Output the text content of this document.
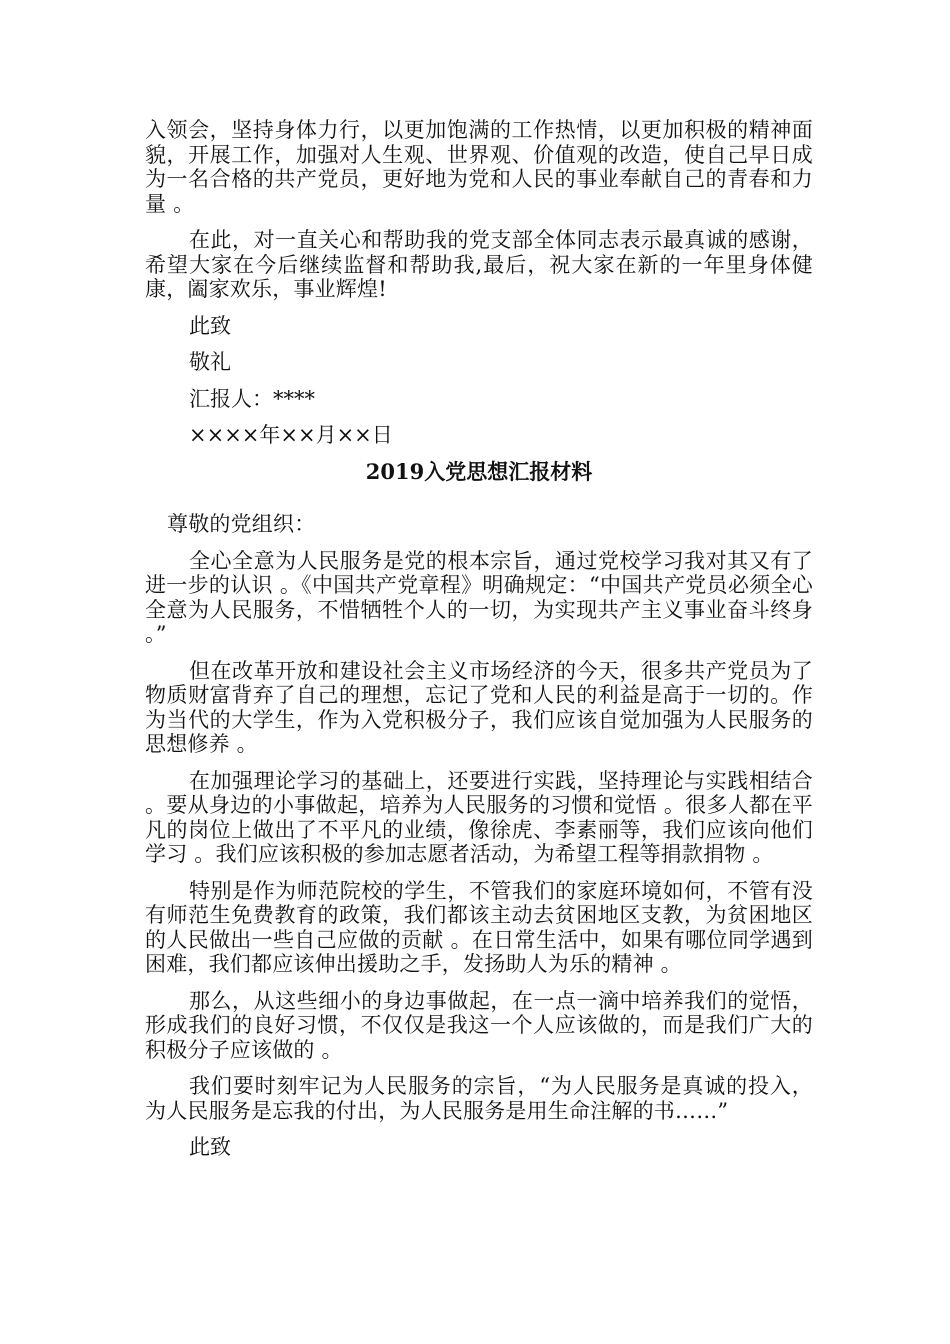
入领会，坚持身体力行，以更加饱满的工作热情，以更加积极的精神面貌，开展工作，加强对人生观、世界观、价值观的改造，使自己早日成为一名合格的共产党员，更好地为党和人民的事业奉献自己的青春和力量 。

在此，对一直关心和帮助我的党支部全体同志表示最真诚的感谢，希望大家在今后继续监督和帮助我,最后，祝大家在新的一年里身体健康，阖家欢乐，事业辉煌!

此致

敬礼

汇报人：****

××××年××月××日

2019入党思想汇报材料

尊敬的党组织：

全心全意为人民服务是党的根本宗旨，通过党校学习我对其又有了进一步的认识 。《中国共产党章程》明确规定：“中国共产党员必须全心全意为人民服务，不惜牺牲个人的一切，为实现共产主义事业奋斗终身 。”

但在改革开放和建设社会主义市场经济的今天，很多共产党员为了物质财富背弃了自己的理想，忘记了党和人民的利益是高于一切的。作为当代的大学生，作为入党积极分子，我们应该自觉加强为人民服务的思想修养 。

在加强理论学习的基础上，还要进行实践，坚持理论与实践相结合 。要从身边的小事做起，培养为人民服务的习惯和觉悟 。很多人都在平凡的岗位上做出了不平凡的业绩，像徐虎、李素丽等，我们应该向他们学习 。我们应该积极的参加志愿者活动，为希望工程等捐款捐物 。

特别是作为师范院校的学生，不管我们的家庭环境如何，不管有没有师范生免费教育的政策，我们都该主动去贫困地区支教，为贫困地区的人民做出一些自己应做的贡献 。在日常生活中，如果有哪位同学遇到困难，我们都应该伸出援助之手，发扬助人为乐的精神 。

那么，从这些细小的身边事做起，在一点一滴中培养我们的觉悟，形成我们的良好习惯，不仅仅是我这一个人应该做的，而是我们广大的积极分子应该做的 。

我们要时刻牢记为人民服务的宗旨，“为人民服务是真诚的投入，为人民服务是忘我的付出，为人民服务是用生命注解的书……”

此致
